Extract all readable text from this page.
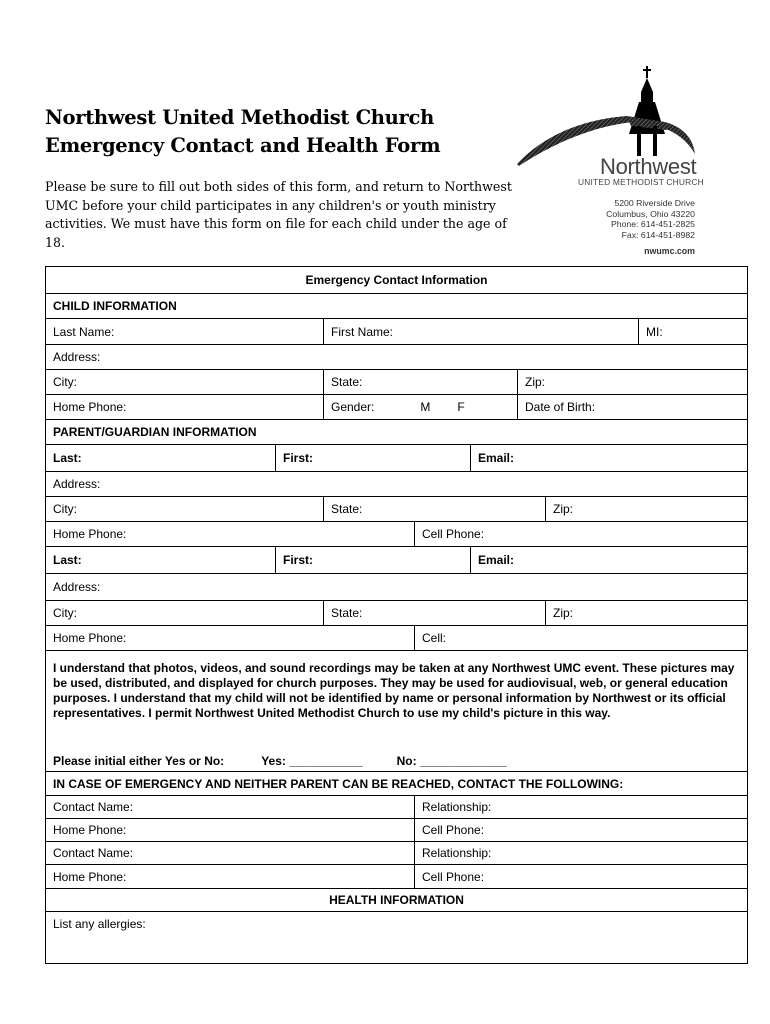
Northwest United Methodist Church
Emergency Contact and Health Form
Please be sure to fill out both sides of this form, and return to Northwest UMC before your child participates in any children's or youth ministry activities. We must have this form on file for each child under the age of 18.
Northwest
UNITED METHODIST CHURCH
5200 Riverside Drive
Columbus, Ohio 43220
Phone: 614-451-2825
Fax: 614-451-8982
nwumc.com
Emergency Contact Information
CHILD INFORMATION
Last Name:	First Name:	MI:
Address:
City:	State:	Zip:
Home Phone:	Gender:	M F	Date of Birth:
PARENT/GUARDIAN INFORMATION
Last:	First:	Email:
Address:
City:	State:	Zip:
Home Phone:	Cell Phone:
Last:	First:	Email:
Address:
City:	State:	Zip:
Home Phone:	Cell:
I understand that photos, videos, and sound recordings may be taken at any Northwest UMC event. These pictures may be used, distributed, and displayed for church purposes. They may be used for audiovisual, web, or general education purposes. I understand that my child will not be identified by name or personal information by Northwest or its official representatives. I permit Northwest United Methodist Church to use my child's picture in this way.
Please initial either Yes or No:	Yes: ___________	No: _____________
IN CASE OF EMERGENCY AND NEITHER PARENT CAN BE REACHED, CONTACT THE FOLLOWING:
Contact Name:	Relationship:
Home Phone:	Cell Phone:
Contact Name:	Relationship:
Home Phone:	Cell Phone:
HEALTH INFORMATION
List any allergies:
